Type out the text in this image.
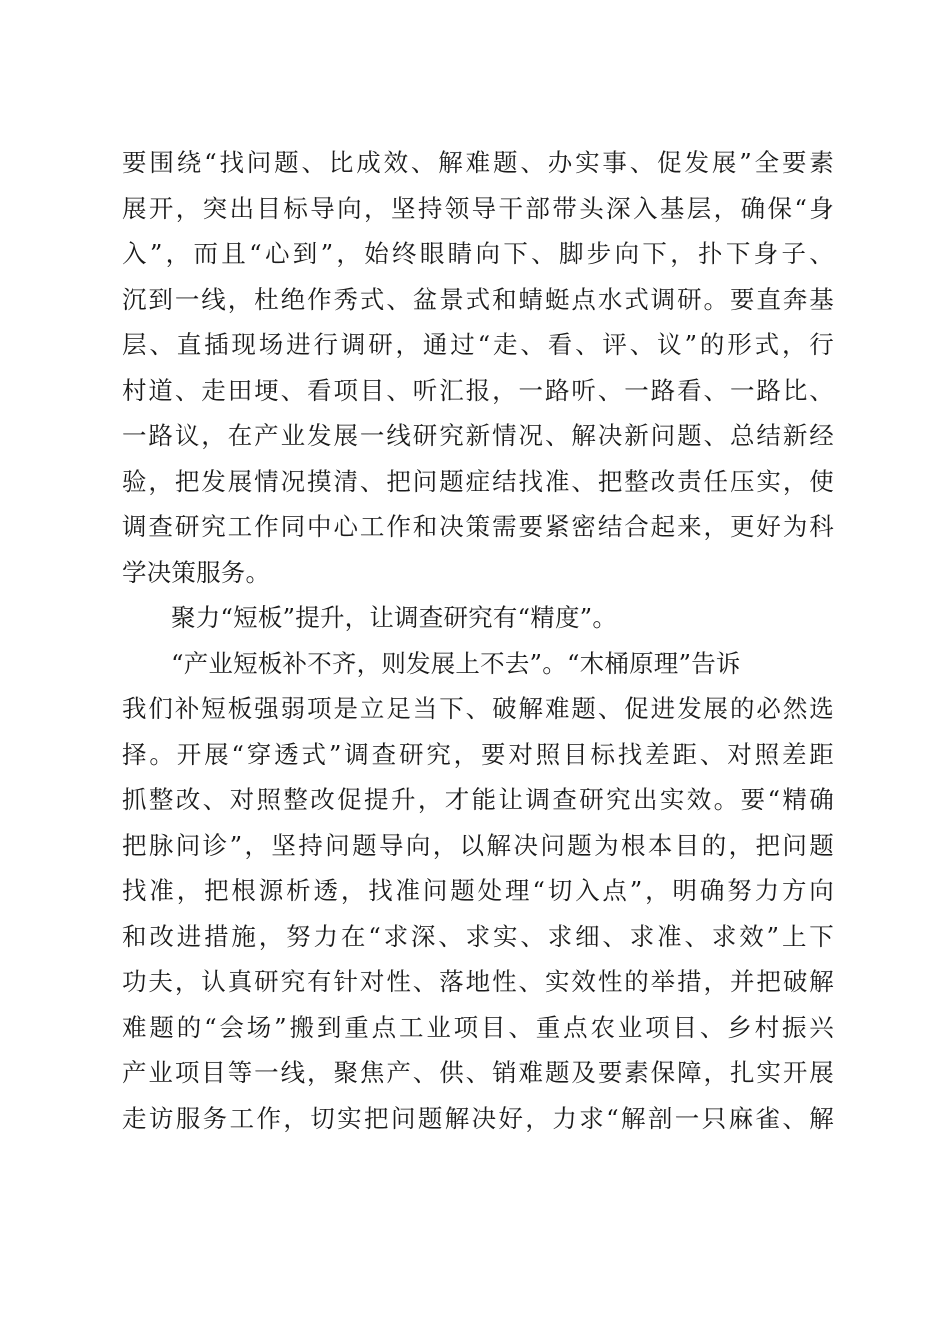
要围绕“找问题、比成效、解难题、办实事、促发展”全要素
展开，突出目标导向，坚持领导干部带头深入基层，确保“身
入”，而且“心到”，始终眼睛向下、脚步向下，扑下身子、
沉到一线，杜绝作秀式、盆景式和蜻蜓点水式调研。要直奔基
层、直插现场进行调研，通过“走、看、评、议”的形式，行
村道、走田埂、看项目、听汇报，一路听、一路看、一路比、
一路议，在产业发展一线研究新情况、解决新问题、总结新经
验，把发展情况摸清、把问题症结找准、把整改责任压实，使
调查研究工作同中心工作和决策需要紧密结合起来，更好为科
学决策服务。
聚力“短板”提升，让调查研究有“精度”。
“产业短板补不齐，则发展上不去”。“木桶原理”告诉
我们补短板强弱项是立足当下、破解难题、促进发展的必然选
择。开展“穿透式”调查研究，要对照目标找差距、对照差距
抓整改、对照整改促提升，才能让调查研究出实效。要“精确
把脉问诊”，坚持问题导向，以解决问题为根本目的，把问题
找准，把根源析透，找准问题处理“切入点”，明确努力方向
和改进措施，努力在“求深、求实、求细、求准、求效”上下
功夫，认真研究有针对性、落地性、实效性的举措，并把破解
难题的“会场”搬到重点工业项目、重点农业项目、乡村振兴
产业项目等一线，聚焦产、供、销难题及要素保障，扎实开展
走访服务工作，切实把问题解决好，力求“解剖一只麻雀、解
